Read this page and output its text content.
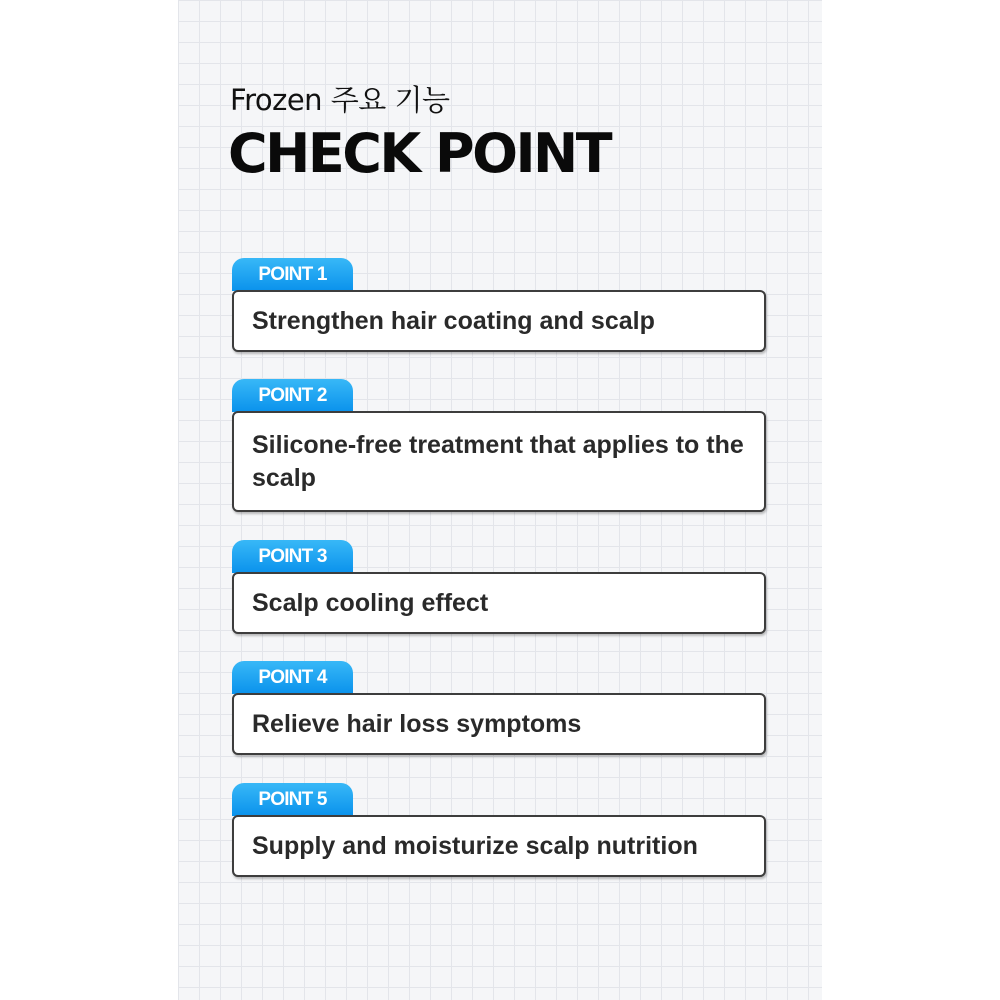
Frozen 주요 기능
CHECK POINT
POINT 1
Strengthen hair coating and scalp
POINT 2
Silicone-free treatment that applies to the scalp
POINT 3
Scalp cooling effect
POINT 4
Relieve hair loss symptoms
POINT 5
Supply and moisturize scalp nutrition
